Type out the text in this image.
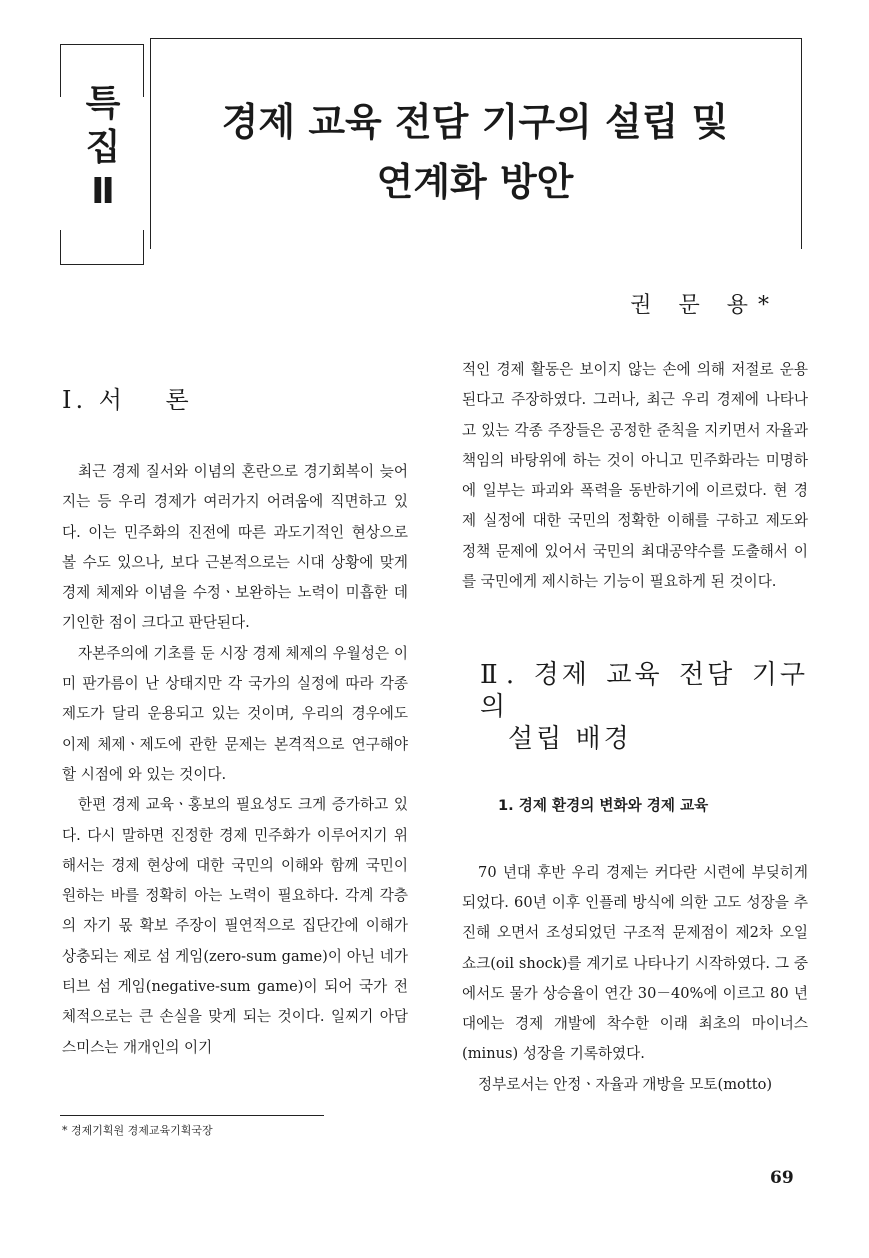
특
집
Ⅱ
경제 교육 전담 기구의 설립 및
연계화 방안
권 문 용*

Ⅰ. 서　 론

최근 경제 질서와 이념의 혼란으로 경기회복이 늦어지는 등 우리 경제가 여러가지 어려움에 직면하고 있다. 이는 민주화의 진전에 따른 과도기적인 현상으로 볼 수도 있으나, 보다 근본적으로는 시대 상황에 맞게 경제 체제와 이념을 수정ㆍ보완하는 노력이 미흡한 데 기인한 점이 크다고 판단된다.

자본주의에 기초를 둔 시장 경제 체제의 우월성은 이미 판가름이 난 상태지만 각 국가의 실정에 따라 각종 제도가 달리 운용되고 있는 것이며, 우리의 경우에도 이제 체제ㆍ제도에 관한 문제는 본격적으로 연구해야 할 시점에 와 있는 것이다.

한편 경제 교육ㆍ홍보의 필요성도 크게 증가하고 있다. 다시 말하면 진정한 경제 민주화가 이루어지기 위해서는 경제 현상에 대한 국민의 이해와 함께 국민이 원하는 바를 정확히 아는 노력이 필요하다. 각계 각층의 자기 몫 확보 주장이 필연적으로 집단간에 이해가 상충되는 제로 섬 게임(zero-sum game)이 아닌 네가티브 섬 게임(negative-sum game)이 되어 국가 전체적으로는 큰 손실을 맞게 되는 것이다. 일찌기 아담 스미스는 개개인의 이기

적인 경제 활동은 보이지 않는 손에 의해 저절로 운용된다고 주장하였다. 그러나, 최근 우리 경제에 나타나고 있는 각종 주장들은 공정한 준칙을 지키면서 자율과 책임의 바탕위에 하는 것이 아니고 민주화라는 미명하에 일부는 파괴와 폭력을 동반하기에 이르렀다. 현 경제 실정에 대한 국민의 정확한 이해를 구하고 제도와 정책 문제에 있어서 국민의 최대공약수를 도출해서 이를 국민에게 제시하는 기능이 필요하게 된 것이다.

Ⅱ. 경제 교육 전담 기구의

설립 배경

1. 경제 환경의 변화와 경제 교육

70 년대 후반 우리 경제는 커다란 시련에 부딪히게 되었다. 60년 이후 인플레 방식에 의한 고도 성장을 추진해 오면서 조성되었던 구조적 문제점이 제2차 오일 쇼크(oil shock)를 계기로 나타나기 시작하였다. 그 중에서도 물가 상승율이 연간 30－40%에 이르고 80 년대에는 경제 개발에 착수한 이래 최초의 마이너스(minus) 성장을 기록하였다.

정부로서는 안정ㆍ자율과 개방을 모토(motto)

* 경제기획원 경제교육기획국장
69
